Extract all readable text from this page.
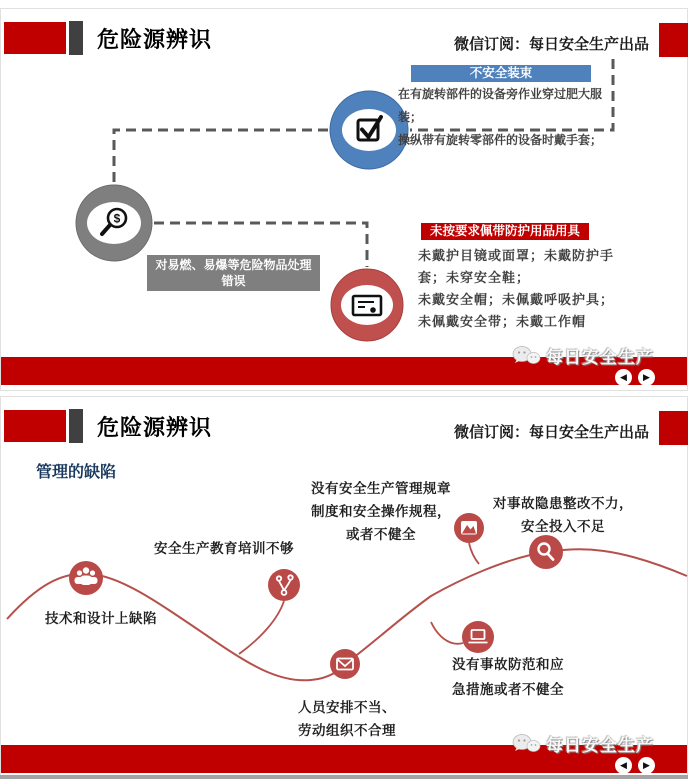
危险源辨识	微信订阅：每日安全生产出品
$
不安全装束
在有旋转部件的设备旁作业穿过肥大服装；
操纵带有旋转零部件的设备时戴手套；
对易燃、易爆等危险物品处理
错误
未按要求佩带防护用品用具
未戴护目镜或面罩；未戴防护手
套；未穿安全鞋；
未戴安全帽；未佩戴呼吸护具；
未佩戴安全带；未戴工作帽
每日安全生产
◀ ▶
危险源辨识	微信订阅：每日安全生产出品
管理的缺陷
技术和设计上缺陷
安全生产教育培训不够
人员安排不当、
劳动组织不合理
没有安全生产管理规章
制度和安全操作规程，
或者不健全
没有事故防范和应
急措施或者不健全
对事故隐患整改不力，
安全投入不足
每日安全生产
◀ ▶
